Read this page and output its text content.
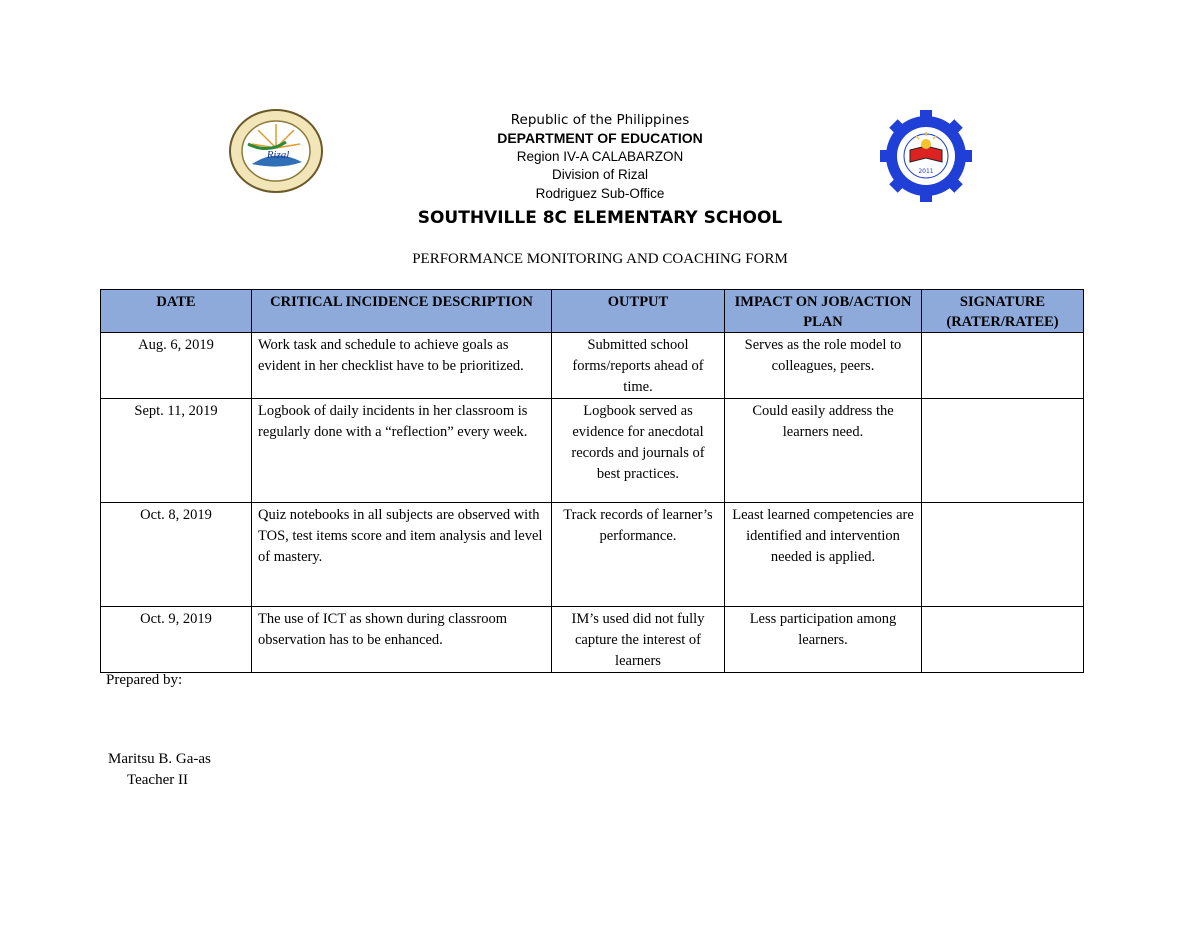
Rizal
2011
Republic of the Philippines
DEPARTMENT OF EDUCATION
Region IV-A CALABARZON
Division of Rizal
Rodriguez Sub-Office
SOUTHVILLE 8C ELEMENTARY SCHOOL
PERFORMANCE MONITORING AND COACHING FORM
DATE	CRITICAL INCIDENCE DESCRIPTION	OUTPUT	IMPACT ON JOB/ACTION PLAN	SIGNATURE (RATER/RATEE)
Aug. 6, 2019	Work task and schedule to achieve goals as evident in her checklist have to be prioritized.	Submitted school forms/reports ahead of time.	Serves as the role model to colleagues, peers.	
Sept. 11, 2019	Logbook of daily incidents in her classroom is regularly done with a “reflection” every week.	Logbook served as evidence for anecdotal records and journals of best practices.	Could easily address the learners need.	
Oct. 8, 2019	Quiz notebooks in all subjects are observed with TOS, test items score and item analysis and level of mastery.	Track records of learner’s performance.	Least learned competencies are identified and intervention needed is applied.	
Oct. 9, 2019	The use of ICT as shown during classroom observation has to be enhanced.	IM’s used did not fully capture the interest of learners	Less participation among learners.	
Prepared by:
Maritsu B. Ga-as
Teacher II
